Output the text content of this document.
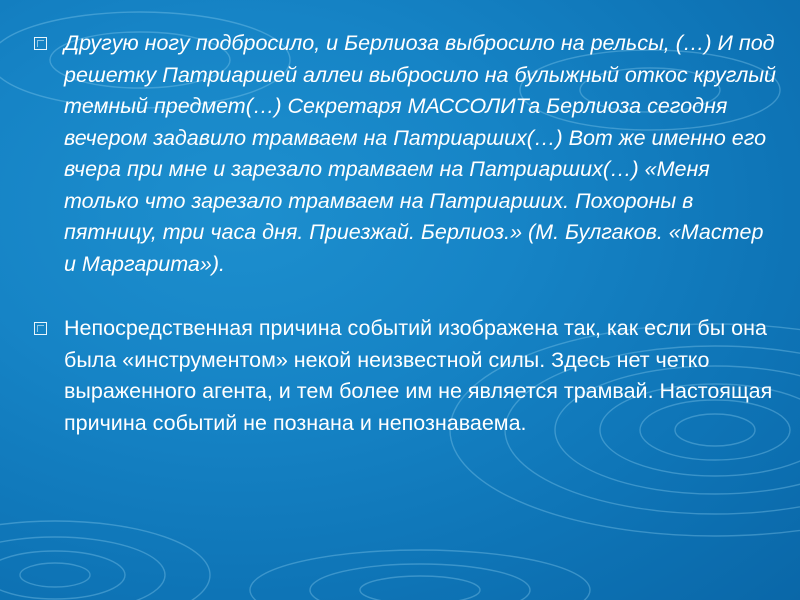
Другую ногу подбросило, и Берлиоза выбросило на рельсы, (…) И под решетку Патриаршей аллеи выбросило на булыжный откос круглый темный предмет(…) Секретаря МАССОЛИТа Берлиоза сегодня вечером задавило трамваем на Патриарших(…) Вот же именно его вчера при мне и зарезало трамваем на Патриарших(…) «Меня только что зарезало трамваем на Патриарших. Похороны в пятницу, три часа дня. Приезжай. Берлиоз.» (М. Булгаков. «Мастер и Маргарита»).
Непосредственная причина событий изображена так, как если бы она была «инструментом» некой неизвестной силы. Здесь нет четко выраженного агента, и тем более им не является трамвай. Настоящая причина событий не познана и непознаваема.
